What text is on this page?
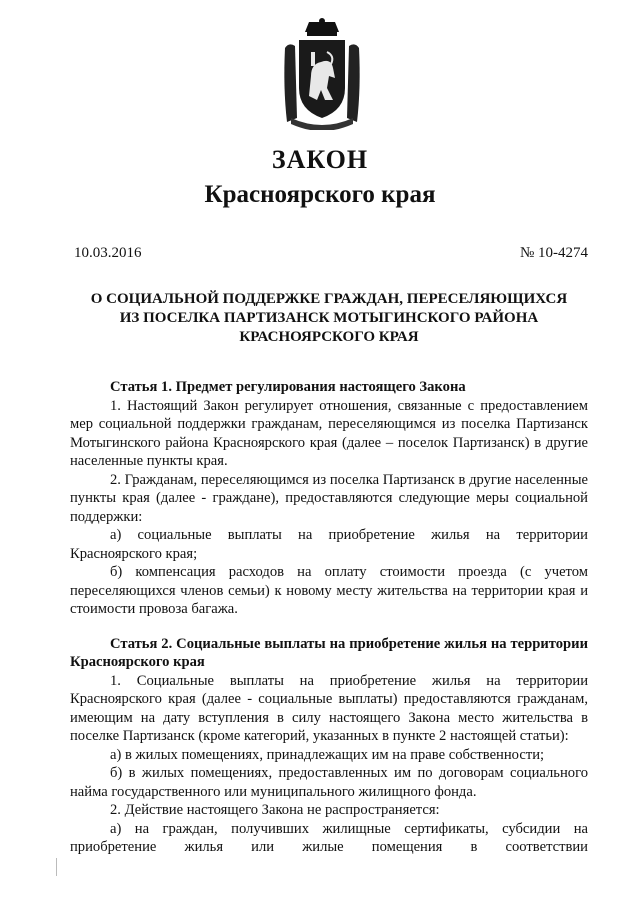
ЗАКОН
Красноярского края
10.03.2016	№ 10-4274
О СОЦИАЛЬНОЙ ПОДДЕРЖКЕ ГРАЖДАН, ПЕРЕСЕЛЯЮЩИХСЯ
ИЗ ПОСЕЛКА ПАРТИЗАНСК МОТЫГИНСКОГО РАЙОНА
КРАСНОЯРСКОГО КРАЯ

Статья 1. Предмет регулирования настоящего Закона

1. Настоящий Закон регулирует отношения, связанные с предоставлением мер социальной поддержки гражданам, переселяющимся из поселка Партизанск Мотыгинского района Красноярского края (далее – поселок Партизанск) в другие населенные пункты края.

2. Гражданам, переселяющимся из поселка Партизанск в другие населенные пункты края (далее - граждане), предоставляются следующие меры социальной поддержки:

а) социальные выплаты на приобретение жилья на территории Красноярского края;

б) компенсация расходов на оплату стоимости проезда (с учетом переселяющихся членов семьи) к новому месту жительства на территории края и стоимости провоза багажа.

Статья 2. Социальные выплаты на приобретение жилья на территории Красноярского края

1. Социальные выплаты на приобретение жилья на территории Красноярского края (далее - социальные выплаты) предоставляются гражданам, имеющим на дату вступления в силу настоящего Закона место жительства в поселке Партизанск (кроме категорий, указанных в пункте 2 настоящей статьи):

а) в жилых помещениях, принадлежащих им на праве собственности;

б) в жилых помещениях, предоставленных им по договорам социального найма государственного или муниципального жилищного фонда.

2. Действие настоящего Закона не распространяется:

а) на граждан, получивших жилищные сертификаты, субсидии на приобретение жилья или жилые помещения в соответствии
